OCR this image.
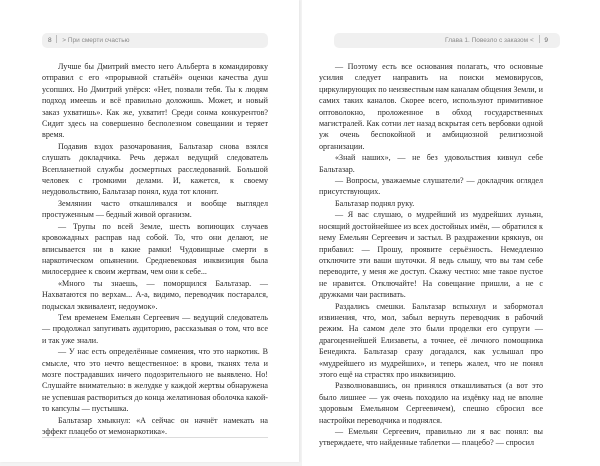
8 > При смерти счастью

Лучше бы Дмитрий вместо него Альберта в командировку отправил с его «прорывной статьёй» оценки качества душ усопших. Но Дмитрий упёрся: «Нет, позвали тебя. Ты к людям подход имеешь и всё правильно доложишь. Может, и новый заказ ухватишь». Как же, ухватит! Среди сонма конкурентов? Сидит здесь на совершенно бесполезном совещании и теряет время.

Подавив вздох разочарования, Бальтазар снова взялся слушать докладчика. Речь держал ведущий следователь Всепланетной службы досмертных расследований. Большой человек с громкими делами. И, кажется, к своему неудовольствию, Бальтазар понял, куда тот клонит.

Землянин часто откашливался и вообще выглядел простуженным — бедный живой организм.

— Трупы по всей Земле, шесть вопиющих случаев кровожадных расправ над собой. То, что они делают, не вписывается ни в какие рамки! Чудовищные смерти в наркотическом опьянении. Средневековая инквизиция была милосерднее к своим жертвам, чем они к себе...

«Много ты знаешь, — поморщился Бальтазар. — Нахватаются по верхам... А-а, видимо, переводчик постарался, подыскал эквивалент, недоумок».

Тем временем Емельян Сергеевич — ведущий следователь — продолжал запугивать аудиторию, рассказывая о том, что все и так уже знали.

— У нас есть определённые сомнения, что это наркотик. В смысле, что это нечто вещественное: в крови, тканях тела и мозге пострадавших ничего подозрительного не выявлено. Но! Слушайте внимательно: в желудке у каждой жертвы обнаружена не успевшая раствориться до конца желатиновая оболочка какой-то капсулы — пустышка.

Бальтазар хмыкнул: «А сейчас он начнёт намекать на эффект плацебо от мемонаркотика».

Глава 1. Повезло с заказом < 9

— Поэтому есть все основания полагать, что основные усилия следует направить на поиски мемовирусов, циркулирующих по неизвестным нам каналам общения Земли, и самих таких каналов. Скорее всего, используют примитивное оптоволокно, проложенное в обход государственных магистралей. Как сотни лет назад вскрытая сеть вербовки одной уж очень беспокойной и амбициозной религиозной организации.

«Знай наших», — не без удовольствия кивнул себе Бальтазар.

— Вопросы, уважаемые слушатели? — докладчик оглядел присутствующих.

Бальтазар поднял руку.

— Я вас слушаю, о мудрейший из мудрейших луньян, носящий достойнейшее из всех достойных имён, — обратился к нему Емельян Сергеевич и застыл. В раздражении крякнув, он прибавил: — Прошу, проявите серьёзность. Немедленно отключите эти ваши шуточки. Я ведь слышу, что вы там себе переводите, у меня же доступ. Скажу честно: мне такое пустое не нравится. Отключайте! На совещание пришли, а не с дружками чаи распивать.

Раздались смешки. Бальтазар вспыхнул и забормотал извинения, что, мол, забыл вернуть переводчик в рабочий режим. На самом деле это были проделки его супруги — драгоценнейшей Елизаветы, а точнее, её личного помощника Бенедикта. Бальтазар сразу догадался, как услышал про «мудрейшего из мудрейших», и теперь жалел, что не понял этого ещё на страстях про инквизицию.

Разволновавшись, он принялся откашливаться (а вот это было лишнее — уж очень походило на издёвку над не вполне здоровым Емельяном Сергеевичем), спешно сбросил все настройки переводчика и поднялся.

— Емельян Сергеевич, правильно ли я вас понял: вы утверждаете, что найденные таблетки — плацебо? — спросил
